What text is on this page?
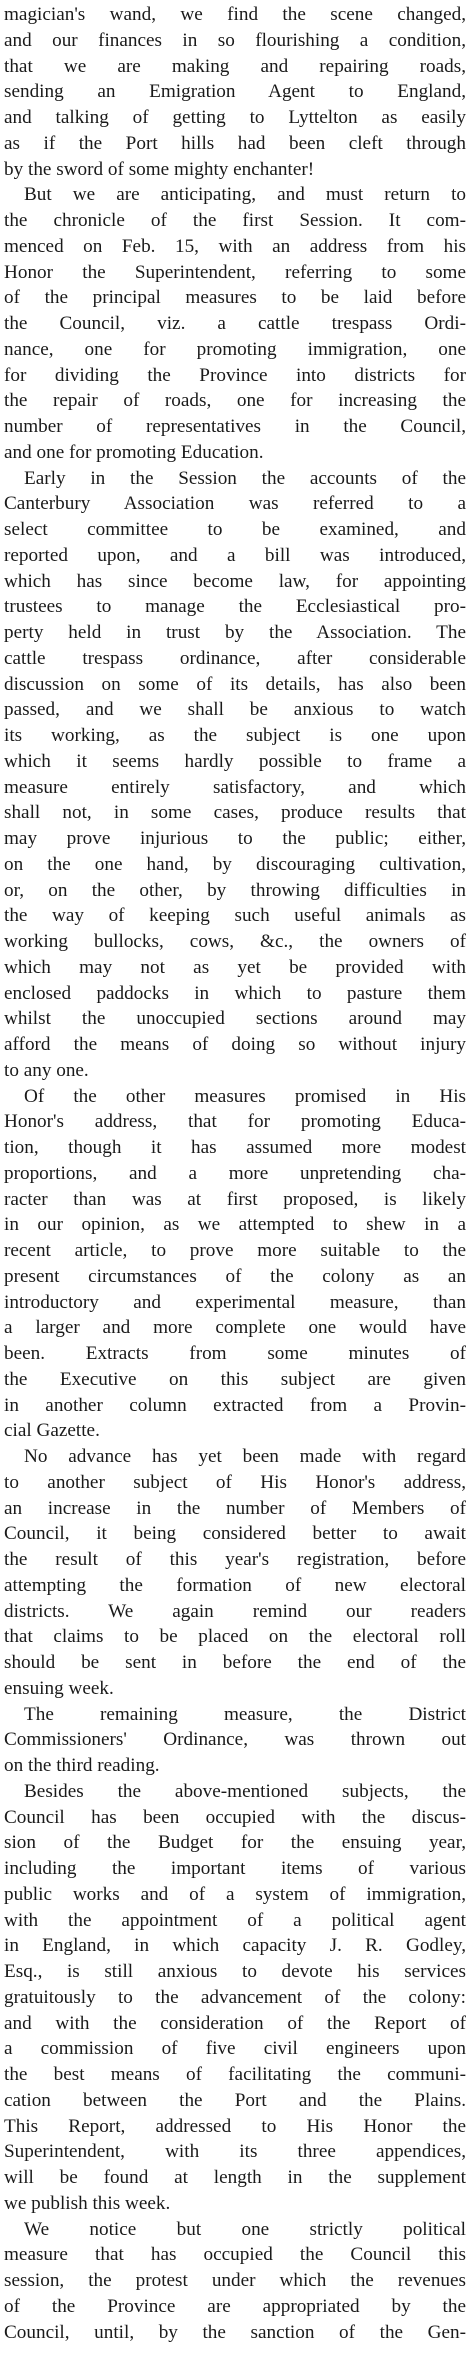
magician's wand, we find the scene changed,
and our finances in so flourishing a condition,
that we are making and repairing roads,
sending an Emigration Agent to England,
and talking of getting to Lyttelton as easily
as if the Port hills had been cleft through
by the sword of some mighty enchanter!
But we are anticipating, and must return to
the chronicle of the first Session. It com-
menced on Feb. 15, with an address from his
Honor the Superintendent, referring to some
of the principal measures to be laid before
the Council, viz. a cattle trespass Ordi-
nance, one for promoting immigration, one
for dividing the Province into districts for
the repair of roads, one for increasing the
number of representatives in the Council,
and one for promoting Education.
Early in the Session the accounts of the
Canterbury Association was referred to a
select committee to be examined, and
reported upon, and a bill was introduced,
which has since become law, for appointing
trustees to manage the Ecclesiastical pro-
perty held in trust by the Association. The
cattle trespass ordinance, after considerable
discussion on some of its details, has also been
passed, and we shall be anxious to watch
its working, as the subject is one upon
which it seems hardly possible to frame a
measure entirely satisfactory, and which
shall not, in some cases, produce results that
may prove injurious to the public; either,
on the one hand, by discouraging cultivation,
or, on the other, by throwing difficulties in
the way of keeping such useful animals as
working bullocks, cows, &c., the owners of
which may not as yet be provided with
enclosed paddocks in which to pasture them
whilst the unoccupied sections around may
afford the means of doing so without injury
to any one.
Of the other measures promised in His
Honor's address, that for promoting Educa-
tion, though it has assumed more modest
proportions, and a more unpretending cha-
racter than was at first proposed, is likely
in our opinion, as we attempted to shew in a
recent article, to prove more suitable to the
present circumstances of the colony as an
introductory and experimental measure, than
a larger and more complete one would have
been. Extracts from some minutes of
the Executive on this subject are given
in another column extracted from a Provin-
cial Gazette.
No advance has yet been made with regard
to another subject of His Honor's address,
an increase in the number of Members of
Council, it being considered better to await
the result of this year's registration, before
attempting the formation of new electoral
districts. We again remind our readers
that claims to be placed on the electoral roll
should be sent in before the end of the
ensuing week.
The remaining measure, the District
Commissioners' Ordinance, was thrown out
on the third reading.
Besides the above-mentioned subjects, the
Council has been occupied with the discus-
sion of the Budget for the ensuing year,
including the important items of various
public works and of a system of immigration,
with the appointment of a political agent
in England, in which capacity J. R. Godley,
Esq., is still anxious to devote his services
gratuitously to the advancement of the colony:
and with the consideration of the Report of
a commission of five civil engineers upon
the best means of facilitating the communi-
cation between the Port and the Plains.
This Report, addressed to His Honor the
Superintendent, with its three appendices,
will be found at length in the supplement
we publish this week.
We notice but one strictly political
measure that has occupied the Council this
session, the protest under which the revenues
of the Province are appropriated by the
Council, until, by the sanction of the Gen-
